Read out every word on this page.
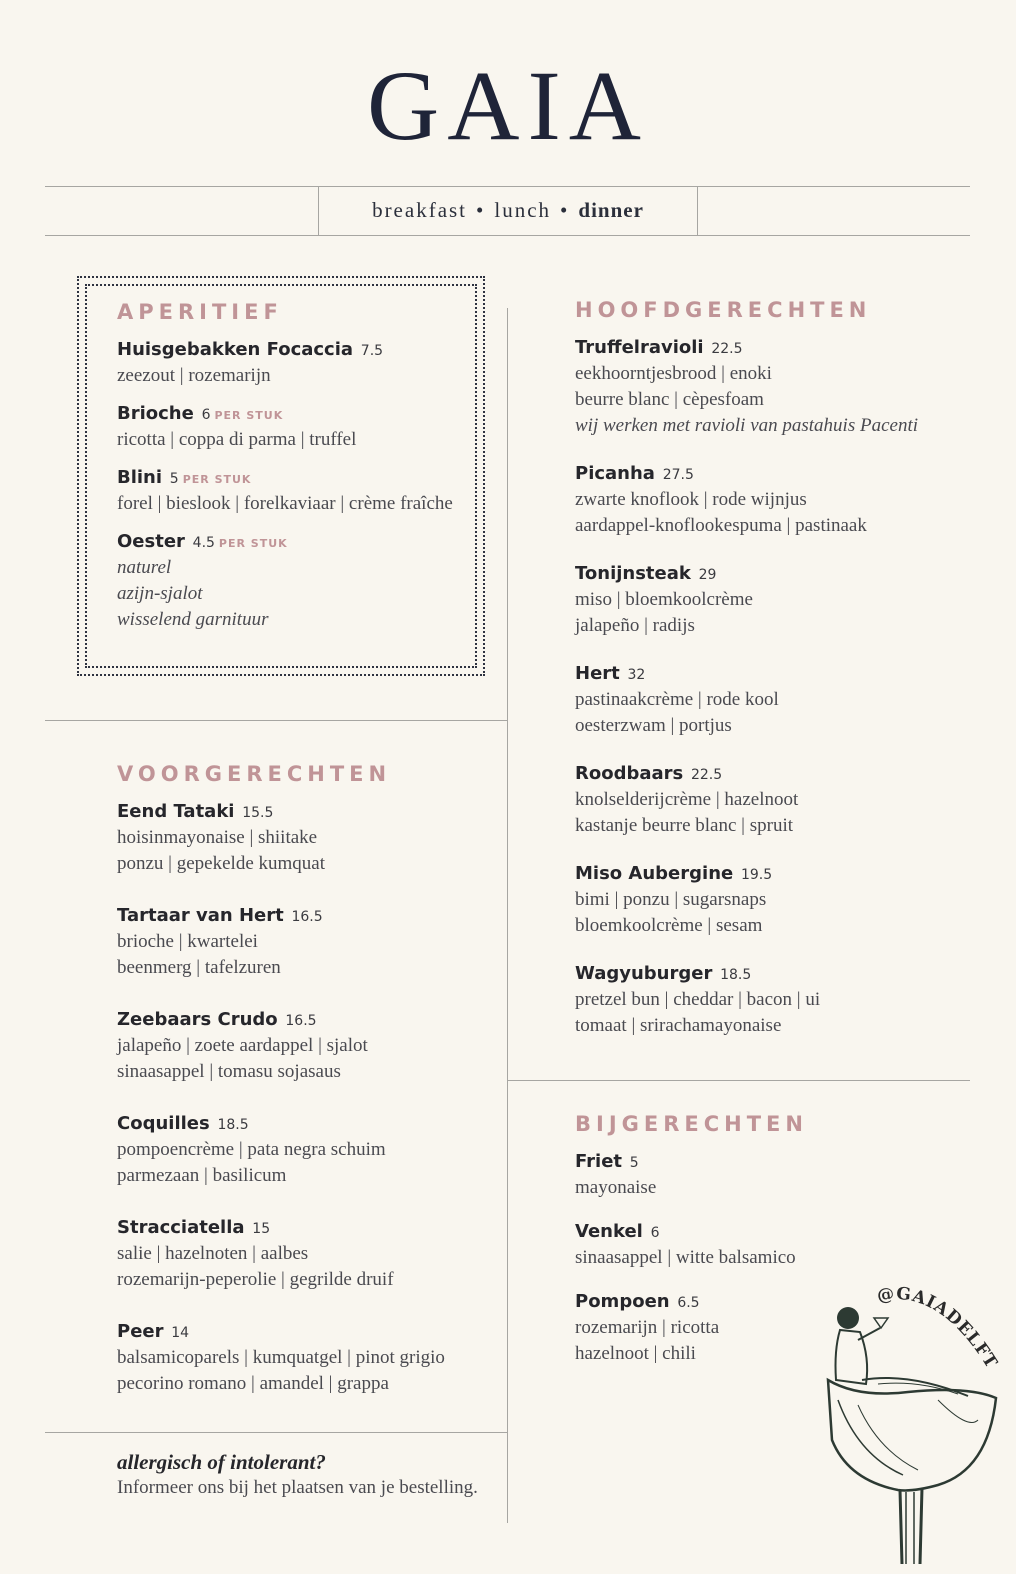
GAIA
breakfast • lunch • dinner
APERITIEF
Huisgebakken Focaccia 7.5
zeezout | rozemarijn
Brioche 6 PER STUK
ricotta | coppa di parma | truffel
Blini 5 PER STUK
forel | bieslook | forelkaviaar | crème fraîche
Oester 4.5 PER STUK
naturel
azijn-sjalot
wisselend garnituur
VOORGERECHTEN
Eend Tataki 15.5
hoisinmayonaise | shiitake
ponzu | gepekelde kumquat
Tartaar van Hert 16.5
brioche | kwartelei
beenmerg | tafelzuren
Zeebaars Crudo 16.5
jalapeño | zoete aardappel | sjalot
sinaasappel | tomasu sojasaus
Coquilles 18.5
pompoencrème | pata negra schuim
parmezaan | basilicum
Stracciatella 15
salie | hazelnoten | aalbes
rozemarijn-peperolie | gegrilde druif
Peer 14
balsamicoparels | kumquatgel | pinot grigio
pecorino romano | amandel | grappa
HOOFDGERECHTEN
Truffelravioli 22.5
eekhoorntjesbrood | enoki
beurre blanc | cèpesfoam
wij werken met ravioli van pastahuis Pacenti
Picanha 27.5
zwarte knoflook | rode wijnjus
aardappel-knoflookespuma | pastinaak
Tonijnsteak 29
miso | bloemkoolcrème
jalapeño | radijs
Hert 32
pastinaakcrème | rode kool
oesterzwam | portjus
Roodbaars 22.5
knolselderijcrème | hazelnoot
kastanje beurre blanc | spruit
Miso Aubergine 19.5
bimi | ponzu | sugarsnaps
bloemkoolcrème | sesam
Wagyuburger 18.5
pretzel bun | cheddar | bacon | ui
tomaat | srirachamayonaise
BIJGERECHTEN
Friet 5
mayonaise
Venkel 6
sinaasappel | witte balsamico
Pompoen 6.5
rozemarijn | ricotta
hazelnoot | chili
allergisch of intolerant?
Informeer ons bij het plaatsen van je bestelling.
@GAIADELFT
